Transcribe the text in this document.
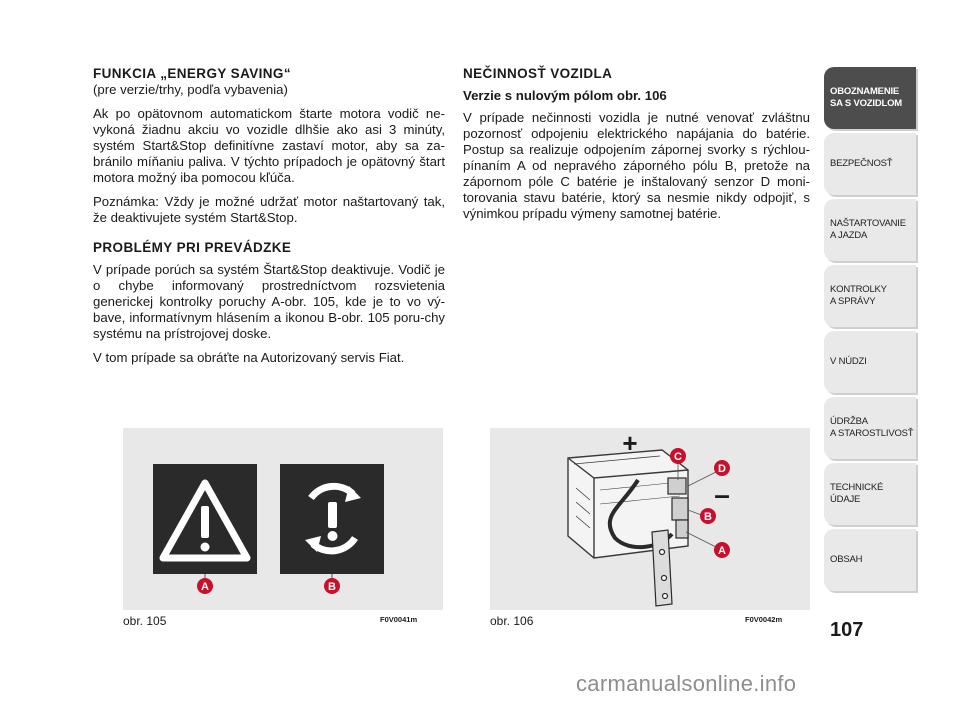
FUNKCIA „ENERGY SAVING“

(pre verzie/trhy, podľa vybavenia)

Ak po opätovnom automatickom štarte motora vodič ne-vykoná žiadnu akciu vo vozidle dlhšie ako asi 3 minúty, systém Start&Stop definitívne zastaví motor, aby sa za-bránilo míňaniu paliva. V týchto prípadoch je opätovný štart motora možný iba pomocou kľúča.

Poznámka: Vždy je možné udržať motor naštartovaný tak, že deaktivujete systém Start&Stop.

PROBLÉMY PRI PREVÁDZKE

V prípade porúch sa systém Štart&Stop deaktivuje. Vodič je o chybe informovaný prostredníctvom rozsvietenia generickej kontrolky poruchy A-obr. 105, kde je to vo vý-bave, informatívnym hlásením a ikonou B-obr. 105 poru-chy systému na prístrojovej doske.

V tom prípade sa obráťte na Autorizovaný servis Fiat.

NEČINNOSŤ VOZIDLA
Verzie s nulovým pólom obr. 106

V prípade nečinnosti vozidla je nutné venovať zvláštnu pozornosť odpojeniu elektrického napájania do batérie. Postup sa realizuje odpojením zápornej svorky s rýchlou-pínaním A od nepravého záporného pólu B, pretože na zápornom póle C batérie je inštalovaný senzor D moni-torovania stavu batérie, ktorý sa nesmie nikdy odpojiť, s výnimkou prípadu výmeny samotnej batérie.

A	B
obr. 105	F0V0041m
+
–
C
D
B
A
obr. 106	F0V0042m
OBOZNAMENIE
SA S VOZIDLOM
BEZPEČNOSŤ
NAŠTARTOVANIE
A JAZDA
KONTROLKY
A SPRÁVY
V NÚDZI
ÚDRŽBA
A STAROSTLIVOSŤ
TECHNICKÉ
ÚDAJE
OBSAH
107
carmanualsonline.info
